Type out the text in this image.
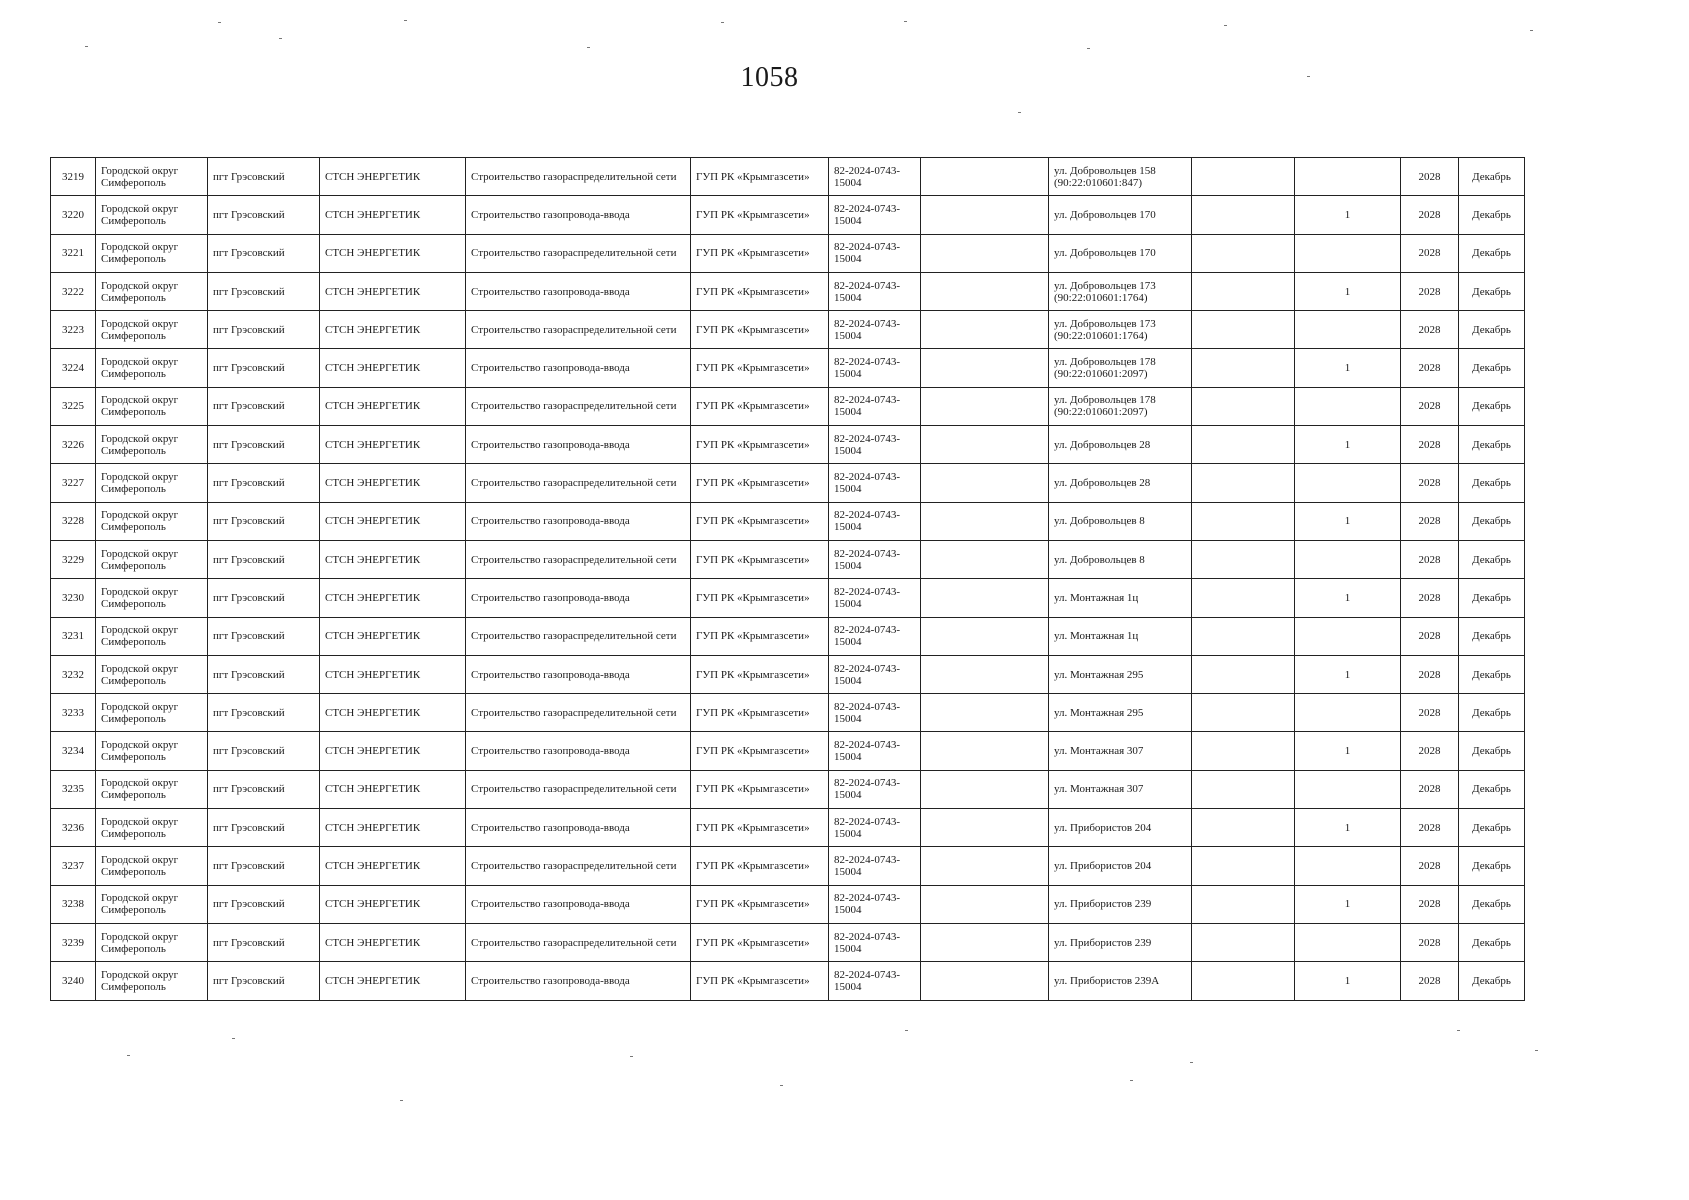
1058
3219	Городской округ Симферополь	пгт Грэсовский	СТСН ЭНЕРГЕТИК	Строительство газораспределительной сети	ГУП РК «Крымгазсети»	82-2024-0743-15004		ул. Добровольцев 158 (90:22:010601:847)			2028	Декабрь
3220	Городской округ Симферополь	пгт Грэсовский	СТСН ЭНЕРГЕТИК	Строительство газопровода-ввода	ГУП РК «Крымгазсети»	82-2024-0743-15004		ул. Добровольцев 170		1	2028	Декабрь
3221	Городской округ Симферополь	пгт Грэсовский	СТСН ЭНЕРГЕТИК	Строительство газораспределительной сети	ГУП РК «Крымгазсети»	82-2024-0743-15004		ул. Добровольцев 170			2028	Декабрь
3222	Городской округ Симферополь	пгт Грэсовский	СТСН ЭНЕРГЕТИК	Строительство газопровода-ввода	ГУП РК «Крымгазсети»	82-2024-0743-15004		ул. Добровольцев 173 (90:22:010601:1764)		1	2028	Декабрь
3223	Городской округ Симферополь	пгт Грэсовский	СТСН ЭНЕРГЕТИК	Строительство газораспределительной сети	ГУП РК «Крымгазсети»	82-2024-0743-15004		ул. Добровольцев 173 (90:22:010601:1764)			2028	Декабрь
3224	Городской округ Симферополь	пгт Грэсовский	СТСН ЭНЕРГЕТИК	Строительство газопровода-ввода	ГУП РК «Крымгазсети»	82-2024-0743-15004		ул. Добровольцев 178 (90:22:010601:2097)		1	2028	Декабрь
3225	Городской округ Симферополь	пгт Грэсовский	СТСН ЭНЕРГЕТИК	Строительство газораспределительной сети	ГУП РК «Крымгазсети»	82-2024-0743-15004		ул. Добровольцев 178 (90:22:010601:2097)			2028	Декабрь
3226	Городской округ Симферополь	пгт Грэсовский	СТСН ЭНЕРГЕТИК	Строительство газопровода-ввода	ГУП РК «Крымгазсети»	82-2024-0743-15004		ул. Добровольцев 28		1	2028	Декабрь
3227	Городской округ Симферополь	пгт Грэсовский	СТСН ЭНЕРГЕТИК	Строительство газораспределительной сети	ГУП РК «Крымгазсети»	82-2024-0743-15004		ул. Добровольцев 28			2028	Декабрь
3228	Городской округ Симферополь	пгт Грэсовский	СТСН ЭНЕРГЕТИК	Строительство газопровода-ввода	ГУП РК «Крымгазсети»	82-2024-0743-15004		ул. Добровольцев 8		1	2028	Декабрь
3229	Городской округ Симферополь	пгт Грэсовский	СТСН ЭНЕРГЕТИК	Строительство газораспределительной сети	ГУП РК «Крымгазсети»	82-2024-0743-15004		ул. Добровольцев 8			2028	Декабрь
3230	Городской округ Симферополь	пгт Грэсовский	СТСН ЭНЕРГЕТИК	Строительство газопровода-ввода	ГУП РК «Крымгазсети»	82-2024-0743-15004		ул. Монтажная 1ц		1	2028	Декабрь
3231	Городской округ Симферополь	пгт Грэсовский	СТСН ЭНЕРГЕТИК	Строительство газораспределительной сети	ГУП РК «Крымгазсети»	82-2024-0743-15004		ул. Монтажная 1ц			2028	Декабрь
3232	Городской округ Симферополь	пгт Грэсовский	СТСН ЭНЕРГЕТИК	Строительство газопровода-ввода	ГУП РК «Крымгазсети»	82-2024-0743-15004		ул. Монтажная 295		1	2028	Декабрь
3233	Городской округ Симферополь	пгт Грэсовский	СТСН ЭНЕРГЕТИК	Строительство газораспределительной сети	ГУП РК «Крымгазсети»	82-2024-0743-15004		ул. Монтажная 295			2028	Декабрь
3234	Городской округ Симферополь	пгт Грэсовский	СТСН ЭНЕРГЕТИК	Строительство газопровода-ввода	ГУП РК «Крымгазсети»	82-2024-0743-15004		ул. Монтажная 307		1	2028	Декабрь
3235	Городской округ Симферополь	пгт Грэсовский	СТСН ЭНЕРГЕТИК	Строительство газораспределительной сети	ГУП РК «Крымгазсети»	82-2024-0743-15004		ул. Монтажная 307			2028	Декабрь
3236	Городской округ Симферополь	пгт Грэсовский	СТСН ЭНЕРГЕТИК	Строительство газопровода-ввода	ГУП РК «Крымгазсети»	82-2024-0743-15004		ул. Прибористов 204		1	2028	Декабрь
3237	Городской округ Симферополь	пгт Грэсовский	СТСН ЭНЕРГЕТИК	Строительство газораспределительной сети	ГУП РК «Крымгазсети»	82-2024-0743-15004		ул. Прибористов 204			2028	Декабрь
3238	Городской округ Симферополь	пгт Грэсовский	СТСН ЭНЕРГЕТИК	Строительство газопровода-ввода	ГУП РК «Крымгазсети»	82-2024-0743-15004		ул. Прибористов 239		1	2028	Декабрь
3239	Городской округ Симферополь	пгт Грэсовский	СТСН ЭНЕРГЕТИК	Строительство газораспределительной сети	ГУП РК «Крымгазсети»	82-2024-0743-15004		ул. Прибористов 239			2028	Декабрь
3240	Городской округ Симферополь	пгт Грэсовский	СТСН ЭНЕРГЕТИК	Строительство газопровода-ввода	ГУП РК «Крымгазсети»	82-2024-0743-15004		ул. Прибористов 239А		1	2028	Декабрь
